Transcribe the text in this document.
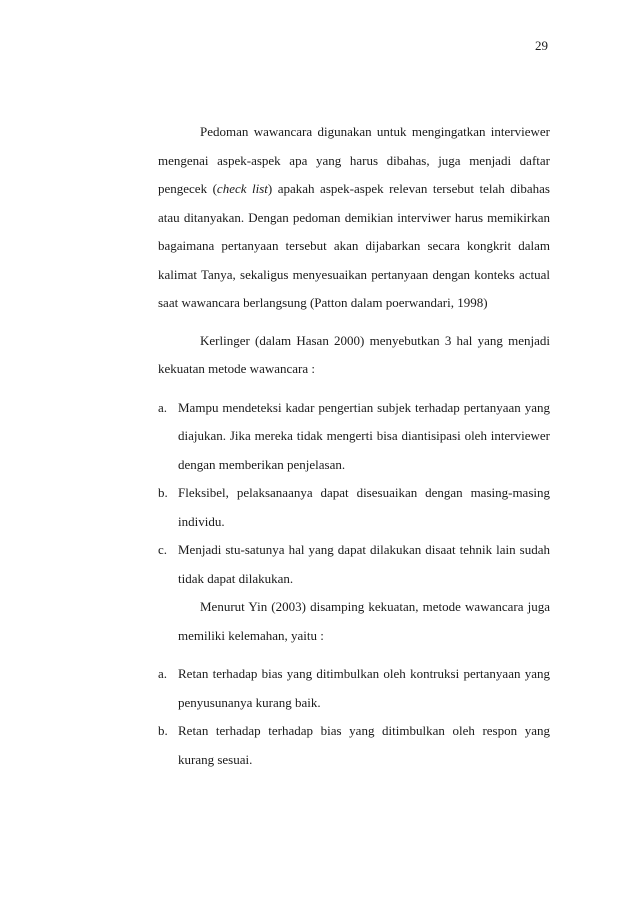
29

Pedoman wawancara digunakan untuk mengingatkan interviewer mengenai aspek-aspek apa yang harus dibahas, juga menjadi daftar pengecek (check list) apakah aspek-aspek relevan tersebut telah dibahas atau ditanyakan. Dengan pedoman demikian interviwer harus memikirkan bagaimana pertanyaan tersebut akan dijabarkan secara kongkrit dalam kalimat Tanya, sekaligus menyesuaikan pertanyaan dengan konteks actual saat wawancara berlangsung (Patton dalam poerwandari, 1998)

Kerlinger (dalam Hasan 2000) menyebutkan 3 hal yang menjadi kekuatan metode wawancara :

a. Mampu mendeteksi kadar pengertian subjek terhadap pertanyaan yang diajukan. Jika mereka tidak mengerti bisa diantisipasi oleh interviewer dengan memberikan penjelasan.

b. Fleksibel, pelaksanaanya dapat disesuaikan dengan masing-masing individu.

c. Menjadi stu-satunya hal yang dapat dilakukan disaat tehnik lain sudah tidak dapat dilakukan.

Menurut Yin (2003) disamping kekuatan, metode wawancara juga memiliki kelemahan, yaitu :

a. Retan terhadap bias yang ditimbulkan oleh kontruksi pertanyaan yang penyusunanya kurang baik.

b. Retan terhadap terhadap bias yang ditimbulkan oleh respon yang kurang sesuai.
